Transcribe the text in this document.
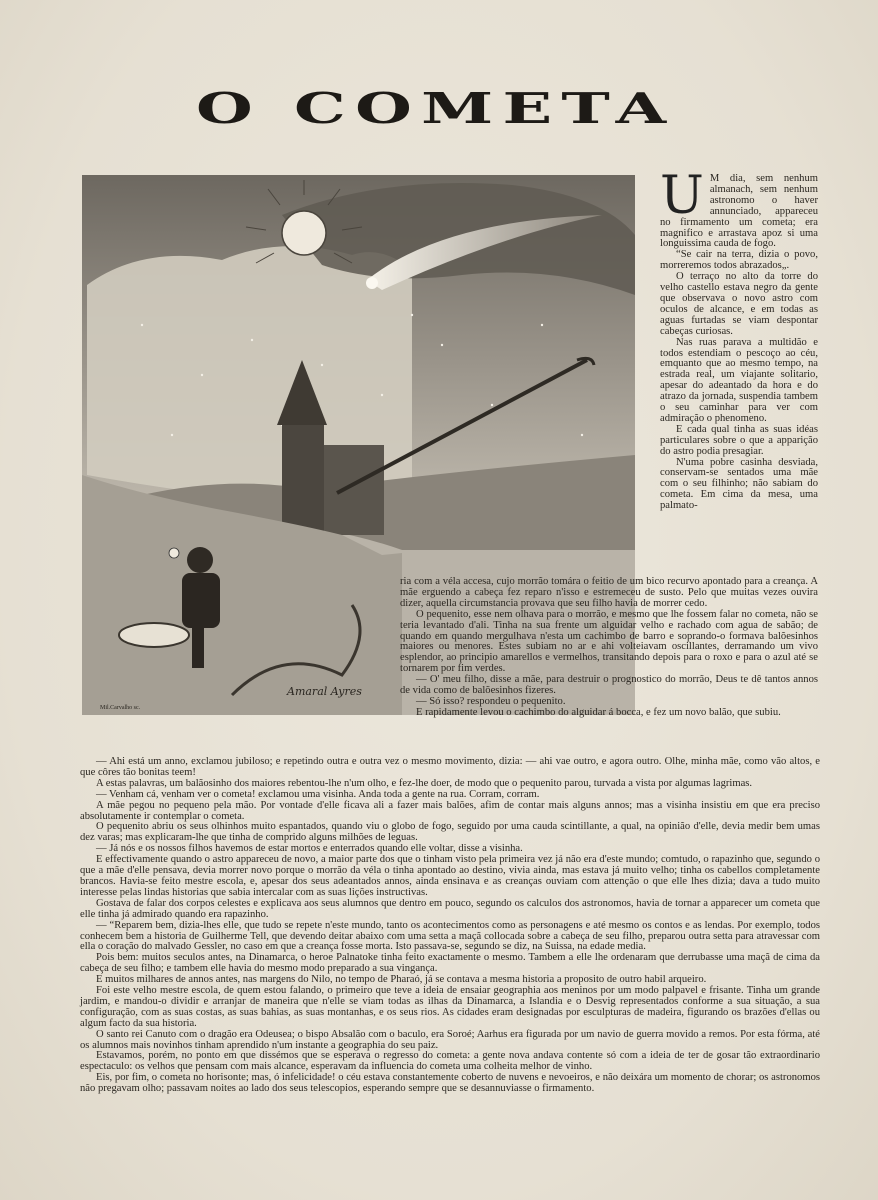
O COMETA
Mil.Carvalho sc.
Amaral Ayres

U M dia, sem nenhum almanach, sem nenhum astronomo o haver annunciado, appareceu no firmamento um cometa; era magnifico e arrastava apoz si uma longuissima cauda de fogo.

“Se cair na terra, dizia o povo, morreremos todos abrazados„.

O terraço no alto da torre do velho castello estava negro da gente que observava o novo astro com oculos de alcance, e em todas as aguas furtadas se viam despontar cabeças curiosas.

Nas ruas parava a multidão e todos estendiam o pescoço ao céu, emquanto que ao mesmo tempo, na estrada real, um viajante solitario, apesar do adeantado da hora e do atrazo da jornada, suspendia tambem o seu caminhar para ver com admiração o phenomeno.

E cada qual tinha as suas idéas particulares sobre o que a apparição do astro podia presagiar.

N'uma pobre casinha desviada, conservam-se sentados uma mãe com o seu filhinho; não sabiam do cometa. Em cima da mesa, uma palmato-

ria com a véla accesa, cujo morrão tomára o feitio de um bico recurvo apontado para a creança. A mãe erguendo a cabeça fez reparo n'isso e estremeceu de susto. Pelo que muitas vezes ouvira dizer, aquella circumstancia provava que seu filho havia de morrer cedo.

O pequenito, esse nem olhava para o morrão, e mesmo que lhe fossem falar no cometa, não se teria levantado d'ali. Tinha na sua frente um alguidar velho e rachado com agua de sabão; de quando em quando mergulhava n'esta um cachimbo de barro e soprando-o formava balõesinhos maiores ou menores. Estes subiam no ar e ahi volteiavam oscillantes, derramando um vivo esplendor, ao principio amarellos e vermelhos, transitando depois para o roxo e para o azul até se tornarem por fim verdes.

— O' meu filho, disse a mãe, para destruir o prognostico do morrão, Deus te dê tantos annos de vida como de balõesinhos fizeres.

— Só isso? respondeu o pequenito.

E rapidamente levou o cachimbo do alguidar á bocca, e fez um novo balão, que subiu.

— Ahi está um anno, exclamou jubiloso; e repetindo outra e outra vez o mesmo movimento, dizia: — ahi vae outro, e agora outro. Olhe, minha mãe, como vão altos, e que côres tão bonitas teem!

A estas palavras, um balãosinho dos maiores rebentou-lhe n'um olho, e fez-lhe doer, de modo que o pequenito parou, turvada a vista por algumas lagrimas.

— Venham cá, venham ver o cometa! exclamou uma visinha. Anda toda a gente na rua. Corram, corram.

A mãe pegou no pequeno pela mão. Por vontade d'elle ficava ali a fazer mais balões, afim de contar mais alguns annos; mas a visinha insistiu em que era preciso absolutamente ir contemplar o cometa.

O pequenito abriu os seus olhinhos muito espantados, quando viu o globo de fogo, seguido por uma cauda scintillante, a qual, na opinião d'elle, devia medir bem umas dez varas; mas explicaram-lhe que tinha de comprido alguns milhões de leguas.

— Já nós e os nossos filhos havemos de estar mortos e enterrados quando elle voltar, disse a visinha.

E effectivamente quando o astro appareceu de novo, a maior parte dos que o tinham visto pela primeira vez já não era d'este mundo; comtudo, o rapazinho que, segundo o que a mãe d'elle pensava, devia morrer novo porque o morrão da véla o tinha apontado ao destino, vivia ainda, mas estava já muito velho; tinha os cabellos completamente brancos. Havia-se feito mestre escola, e, apesar dos seus adeantados annos, ainda ensinava e as creanças ouviam com attenção o que elle lhes dizia; dava a tudo muito interesse pelas lindas historias que sabia intercalar com as suas lições instructivas.

Gostava de falar dos corpos celestes e explicava aos seus alumnos que dentro em pouco, segundo os calculos dos astronomos, havia de tornar a apparecer um cometa que elle tinha já admirado quando era rapazinho.

— “Reparem bem, dizia-lhes elle, que tudo se repete n'este mundo, tanto os acontecimentos como as personagens e até mesmo os contos e as lendas. Por exemplo, todos conhecem bem a historia de Guilherme Tell, que devendo deitar abaixo com uma setta a maçã collocada sobre a cabeça de seu filho, preparou outra setta para atravessar com ella o coração do malvado Gessler, no caso em que a creança fosse morta. Isto passava-se, segundo se diz, na Suissa, na edade media.

Pois bem: muitos seculos antes, na Dinamarca, o heroe Palnatoke tinha feito exactamente o mesmo. Tambem a elle lhe ordenaram que derrubasse uma maçã de cima da cabeça de seu filho; e tambem elle havia do mesmo modo preparado a sua vingança.

E muitos milhares de annos antes, nas margens do Nilo, no tempo de Pharaó, já se contava a mesma historia a proposito de outro habil arqueiro.

Foi este velho mestre escola, de quem estou falando, o primeiro que teve a ideia de ensaiar geographia aos meninos por um modo palpavel e frisante. Tinha um grande jardim, e mandou-o dividir e arranjar de maneira que n'elle se viam todas as ilhas da Dinamarca, a Islandia e o Desvig representados conforme a sua situação, a sua configuração, com as suas costas, as suas bahias, as suas montanhas, e os seus rios. As cidades eram designadas por esculpturas de madeira, figurando os brazões d'ellas ou algum facto da sua historia.

O santo rei Canuto com o dragão era Odeusea; o bispo Absalão com o baculo, era Soroé; Aarhus era figurada por um navio de guerra movido a remos. Por esta fórma, até os alumnos mais novinhos tinham aprendido n'um instante a geographia do seu paiz.

Estavamos, porém, no ponto em que dissémos que se esperava o regresso do cometa: a gente nova andava contente só com a ideia de ter de gosar tão extraordinario espectaculo: os velhos que pensam com mais alcance, esperavam da influencia do cometa uma colheita melhor de vinho.

Eis, por fim, o cometa no horisonte; mas, ó infelicidade! o céu estava constantemente coberto de nuvens e nevoeiros, e não deixára um momento de chorar; os astronomos não pregavam olho; passavam noites ao lado dos seus telescopios, esperando sempre que se desannuviasse o firmamento.
